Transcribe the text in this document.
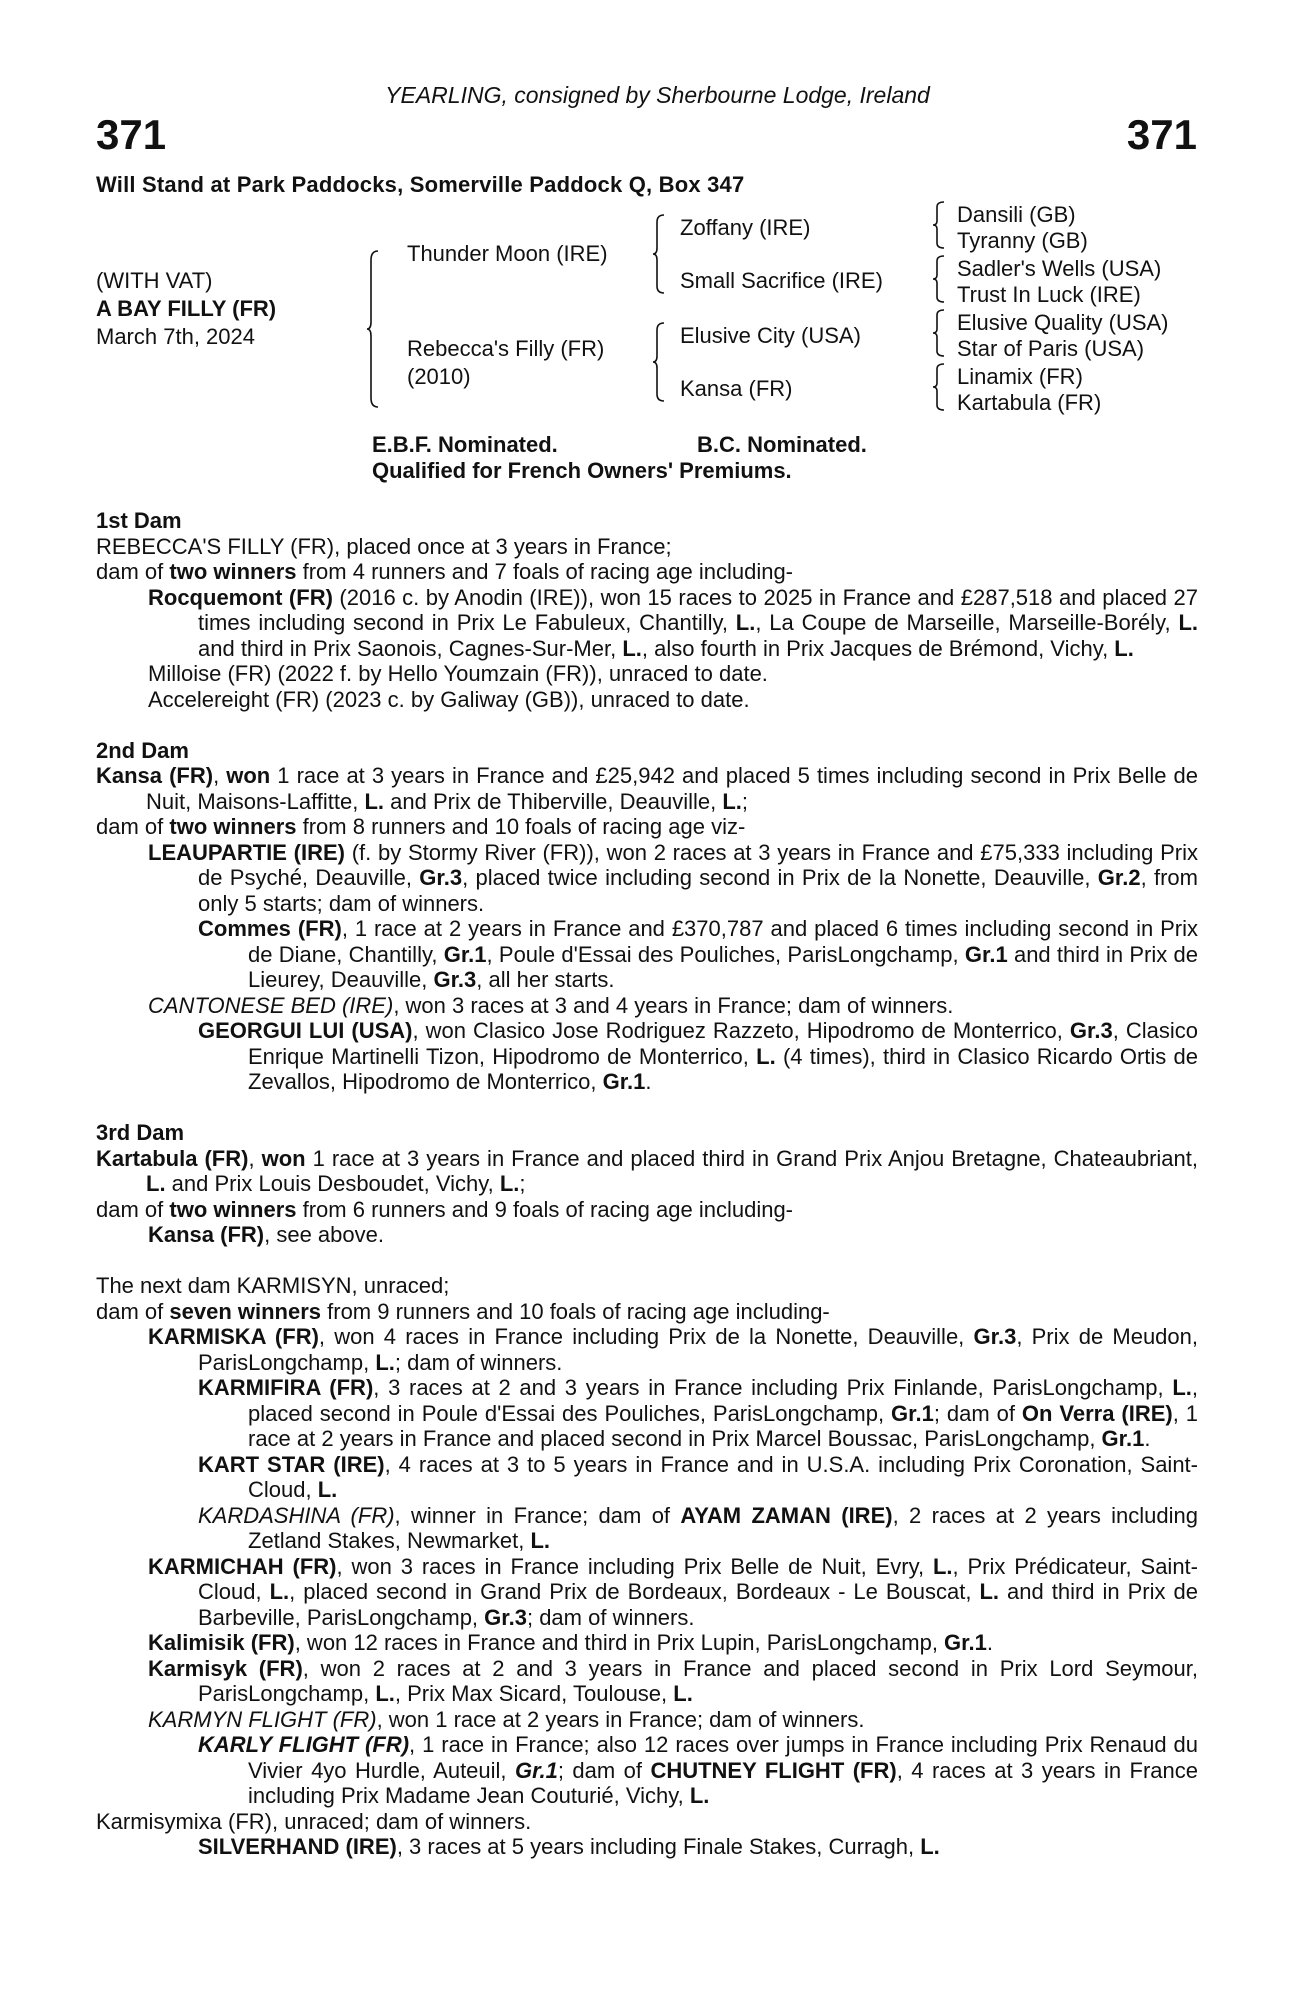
YEARLING, consigned by Sherbourne Lodge, Ireland
371	371
Will Stand at Park Paddocks, Somerville Paddock Q, Box 347
(WITH VAT)
A BAY FILLY (FR)
March 7th, 2024
Thunder Moon (IRE)
Rebecca's Filly (FR)
(2010)
Zoffany (IRE)
Small Sacrifice (IRE)
Elusive City (USA)
Kansa (FR)
Dansili (GB)
Tyranny (GB)
Sadler's Wells (USA)
Trust In Luck (IRE)
Elusive Quality (USA)
Star of Paris (USA)
Linamix (FR)
Kartabula (FR)
E.B.F. Nominated.	B.C. Nominated.
Qualified for French Owners' Premiums.
1st Dam
REBECCA'S FILLY (FR), placed once at 3 years in France;
dam of two winners from 4 runners and 7 foals of racing age including-
Rocquemont (FR) (2016 c. by Anodin (IRE)), won 15 races to 2025 in France and £287,518 and placed 27 times including second in Prix Le Fabuleux, Chantilly, L., La Coupe de Marseille, Marseille-Borély, L. and third in Prix Saonois, Cagnes-Sur-Mer, L., also fourth in Prix Jacques de Brémond, Vichy, L.
Milloise (FR) (2022 f. by Hello Youmzain (FR)), unraced to date.
Accelereight (FR) (2023 c. by Galiway (GB)), unraced to date.
2nd Dam
Kansa (FR), won 1 race at 3 years in France and £25,942 and placed 5 times including second in Prix Belle de Nuit, Maisons-Laffitte, L. and Prix de Thiberville, Deauville, L.;
dam of two winners from 8 runners and 10 foals of racing age viz-
LEAUPARTIE (IRE) (f. by Stormy River (FR)), won 2 races at 3 years in France and £75,333 including Prix de Psyché, Deauville, Gr.3, placed twice including second in Prix de la Nonette, Deauville, Gr.2, from only 5 starts; dam of winners.
Commes (FR), 1 race at 2 years in France and £370,787 and placed 6 times including second in Prix de Diane, Chantilly, Gr.1, Poule d'Essai des Pouliches, ParisLongchamp, Gr.1 and third in Prix de Lieurey, Deauville, Gr.3, all her starts.
CANTONESE BED (IRE), won 3 races at 3 and 4 years in France; dam of winners.
GEORGUI LUI (USA), won Clasico Jose Rodriguez Razzeto, Hipodromo de Monterrico, Gr.3, Clasico Enrique Martinelli Tizon, Hipodromo de Monterrico, L. (4 times), third in Clasico Ricardo Ortis de Zevallos, Hipodromo de Monterrico, Gr.1.
3rd Dam
Kartabula (FR), won 1 race at 3 years in France and placed third in Grand Prix Anjou Bretagne, Chateaubriant, L. and Prix Louis Desboudet, Vichy, L.;
dam of two winners from 6 runners and 9 foals of racing age including-
Kansa (FR), see above.
The next dam KARMISYN, unraced;
dam of seven winners from 9 runners and 10 foals of racing age including-
KARMISKA (FR), won 4 races in France including Prix de la Nonette, Deauville, Gr.3, Prix de Meudon, ParisLongchamp, L.; dam of winners.
KARMIFIRA (FR), 3 races at 2 and 3 years in France including Prix Finlande, ParisLongchamp, L., placed second in Poule d'Essai des Pouliches, ParisLongchamp, Gr.1; dam of On Verra (IRE), 1 race at 2 years in France and placed second in Prix Marcel Boussac, ParisLongchamp, Gr.1.
KART STAR (IRE), 4 races at 3 to 5 years in France and in U.S.A. including Prix Coronation, Saint-Cloud, L.
KARDASHINA (FR), winner in France; dam of AYAM ZAMAN (IRE), 2 races at 2 years including Zetland Stakes, Newmarket, L.
KARMICHAH (FR), won 3 races in France including Prix Belle de Nuit, Evry, L., Prix Prédicateur, Saint-Cloud, L., placed second in Grand Prix de Bordeaux, Bordeaux - Le Bouscat, L. and third in Prix de Barbeville, ParisLongchamp, Gr.3; dam of winners.
Kalimisik (FR), won 12 races in France and third in Prix Lupin, ParisLongchamp, Gr.1.
Karmisyk (FR), won 2 races at 2 and 3 years in France and placed second in Prix Lord Seymour, ParisLongchamp, L., Prix Max Sicard, Toulouse, L.
KARMYN FLIGHT (FR), won 1 race at 2 years in France; dam of winners.
KARLY FLIGHT (FR), 1 race in France; also 12 races over jumps in France including Prix Renaud du Vivier 4yo Hurdle, Auteuil, Gr.1; dam of CHUTNEY FLIGHT (FR), 4 races at 3 years in France including Prix Madame Jean Couturié, Vichy, L.
Karmisymixa (FR), unraced; dam of winners.
SILVERHAND (IRE), 3 races at 5 years including Finale Stakes, Curragh, L.
